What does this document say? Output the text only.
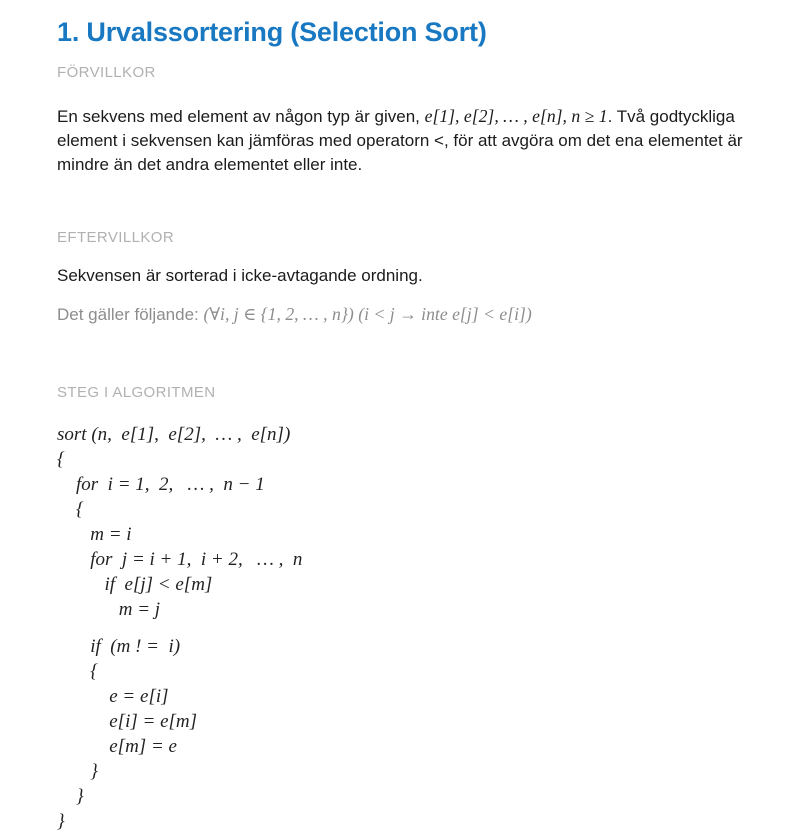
1. Urvalssortering (Selection Sort)
FÖRVILLKOR

En sekvens med element av någon typ är given, e[1], e[2], … , e[n], n ≥ 1. Två godtyckliga element i sekvensen kan jämföras med operatorn <, för att avgöra om det ena elementet är mindre än det andra elementet eller inte.

EFTERVILLKOR

Sekvensen är sorterad i icke-avtagande ordning.

Det gäller följande: (∀i, j ∈ {1, 2, … , n}) (i < j → inte e[j] < e[i])

STEG I ALGORITMEN
sort (n,  e[1],  e[2],  … ,  e[n])
{
for  i = 1,  2,   … ,  n − 1
{
m = i
for  j = i + 1,  i + 2,   … ,  n
if  e[j] < e[m]
m = j
if  (m ! =  i)
{
e = e[i]
e[i] = e[m]
e[m] = e
}
}
}
